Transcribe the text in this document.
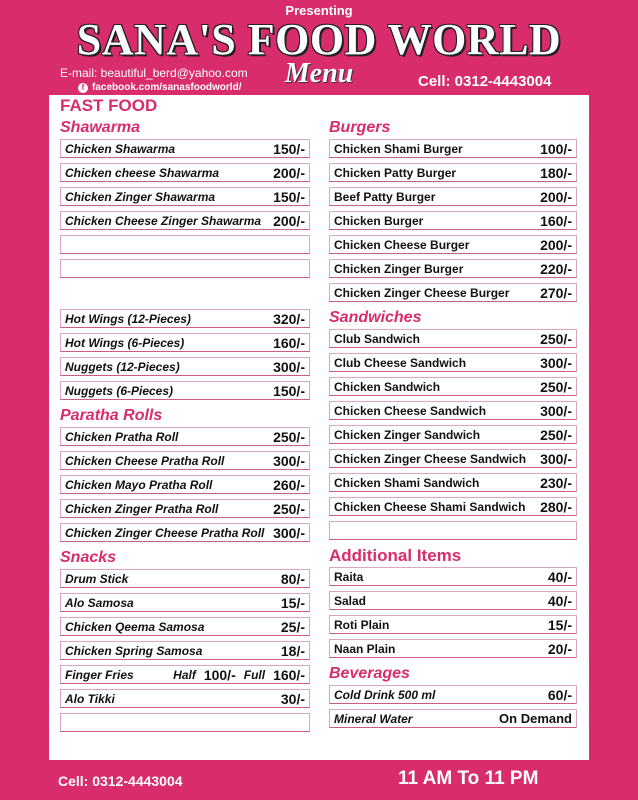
Presenting
SANA'S FOOD WORLD
Menu
E-mail: beautiful_berd@yahoo.com
f facebook.com/sanasfoodworld/	Cell: 0312-4443004
FAST FOOD
Shawarma
Chicken Shawarma	150/-
Chicken cheese Shawarma	200/-
Chicken Zinger Shawarma	150/-
Chicken Cheese Zinger Shawarma 200/-
Hot Wings (12-Pieces)	320/-
Hot Wings (6-Pieces)	160/-
Nuggets (12-Pieces)	300/-
Nuggets (6-Pieces)	150/-
Paratha Rolls
Chicken Pratha Roll	250/-
Chicken Cheese Pratha Roll	300/-
Chicken Mayo Pratha Roll	260/-
Chicken Zinger Pratha Roll	250/-
Chicken Zinger Cheese Pratha Roll 300/-
Snacks
Drum Stick	80/-
Alo Samosa	15/-
Chicken Qeema Samosa	25/-
Chicken Spring Samosa	18/-
Finger Fries	Half 100/- Full 160/-
Alo Tikki	30/-
Burgers
Chicken Shami Burger	100/-
Chicken Patty Burger	180/-
Beef Patty Burger	200/-
Chicken Burger	160/-
Chicken Cheese Burger	200/-
Chicken Zinger Burger	220/-
Chicken Zinger Cheese Burger 270/-
Sandwiches
Club Sandwich	250/-
Club Cheese Sandwich	300/-
Chicken Sandwich	250/-
Chicken Cheese Sandwich	300/-
Chicken Zinger Sandwich	250/-
Chicken Zinger Cheese Sandwich 300/-
Chicken Shami Sandwich	230/-
Chicken Cheese Shami Sandwich 280/-
Additional Items
Raita	40/-
Salad	40/-
Roti Plain	15/-
Naan Plain	20/-
Beverages
Cold Drink 500 ml	60/-
Mineral Water	On Demand
Cell: 0312-4443004	11 AM To 11 PM
